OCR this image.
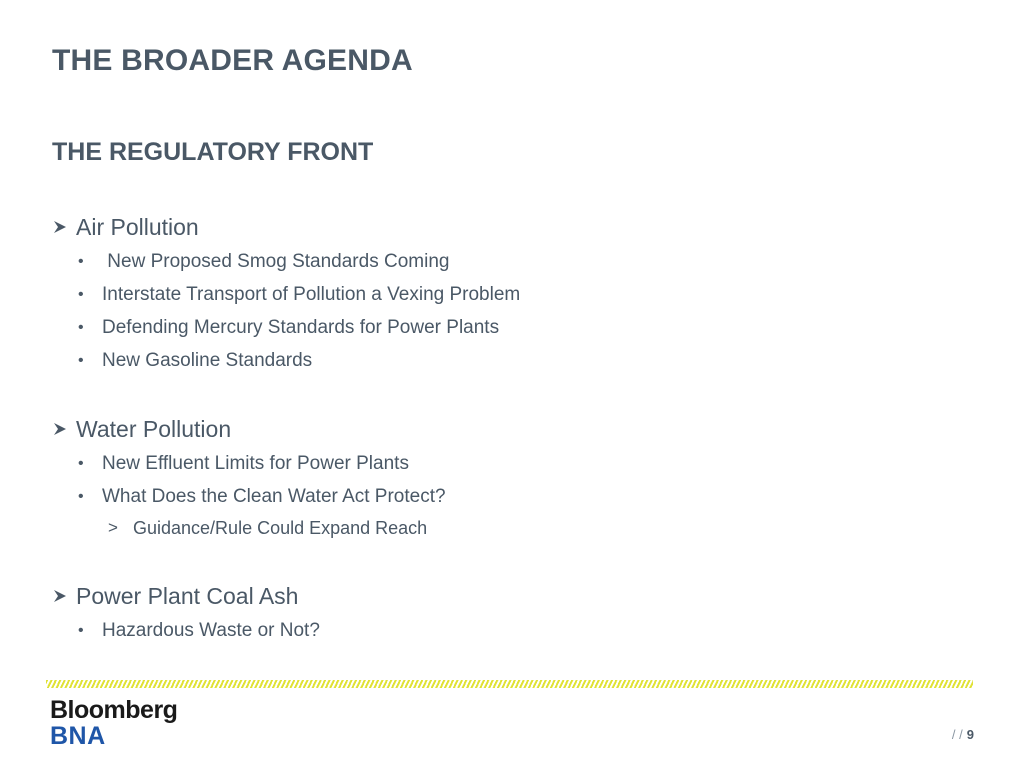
THE BROADER AGENDA
THE REGULATORY FRONT
Air Pollution
• New Proposed Smog Standards Coming
• Interstate Transport of Pollution a Vexing Problem
• Defending Mercury Standards for Power Plants
• New Gasoline Standards
Water Pollution
• New Effluent Limits for Power Plants
• What Does the Clean Water Act Protect?
> Guidance/Rule Could Expand Reach
Power Plant Coal Ash
• Hazardous Waste or Not?
Bloomberg
BNA	/ / 9
